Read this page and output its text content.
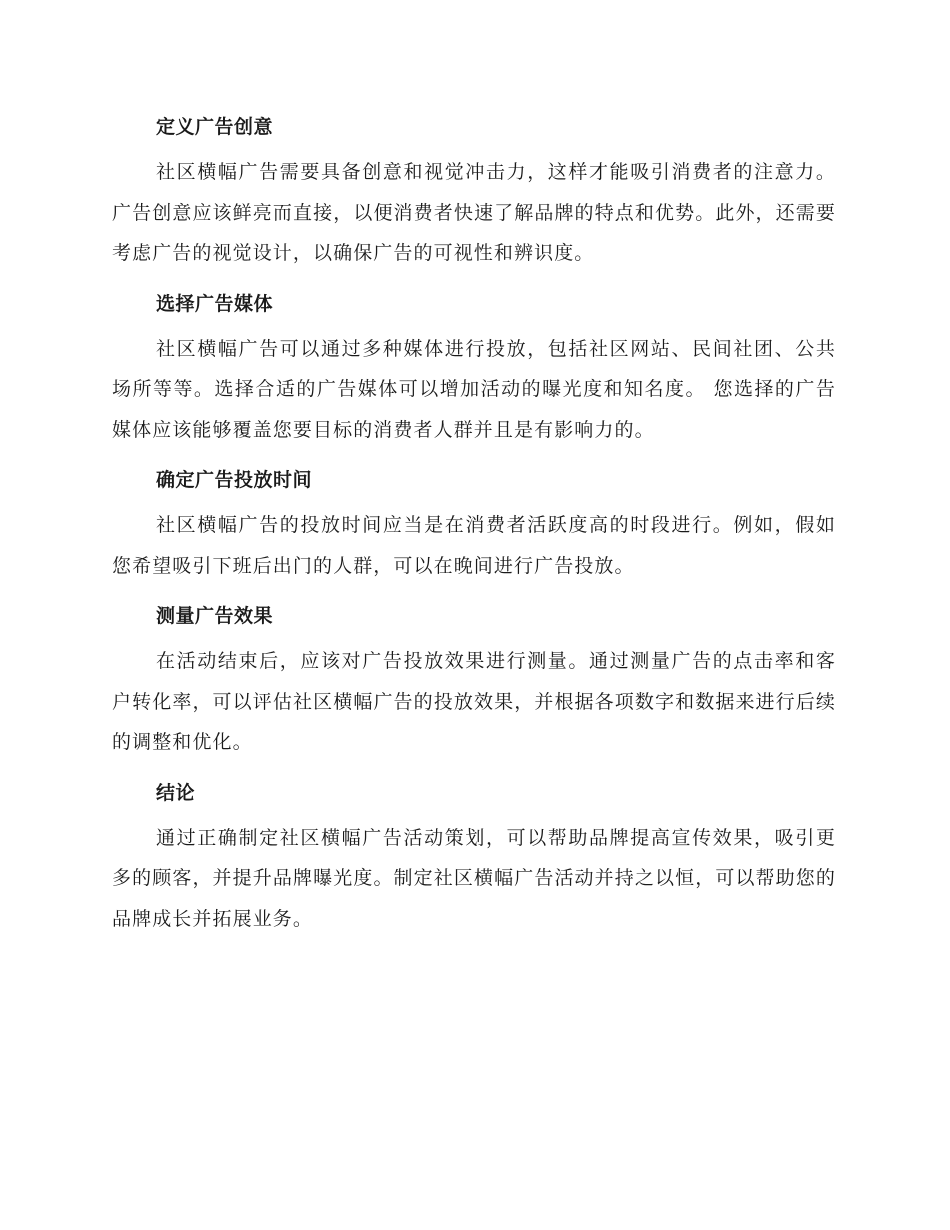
定义广告创意

社区横幅广告需要具备创意和视觉冲击力，这样才能吸引消费者的注意力。广告创意应该鲜亮而直接，以便消费者快速了解品牌的特点和优势。此外，还需要考虑广告的视觉设计，以确保广告的可视性和辨识度。

选择广告媒体

社区横幅广告可以通过多种媒体进行投放，包括社区网站、民间社团、公共场所等等。选择合适的广告媒体可以增加活动的曝光度和知名度。 您选择的广告媒体应该能够覆盖您要目标的消费者人群并且是有影响力的。

确定广告投放时间

社区横幅广告的投放时间应当是在消费者活跃度高的时段进行。例如，假如您希望吸引下班后出门的人群，可以在晚间进行广告投放。

测量广告效果

在活动结束后，应该对广告投放效果进行测量。通过测量广告的点击率和客户转化率，可以评估社区横幅广告的投放效果，并根据各项数字和数据来进行后续的调整和优化。

结论

通过正确制定社区横幅广告活动策划，可以帮助品牌提高宣传效果，吸引更多的顾客，并提升品牌曝光度。制定社区横幅广告活动并持之以恒，可以帮助您的品牌成长并拓展业务。
